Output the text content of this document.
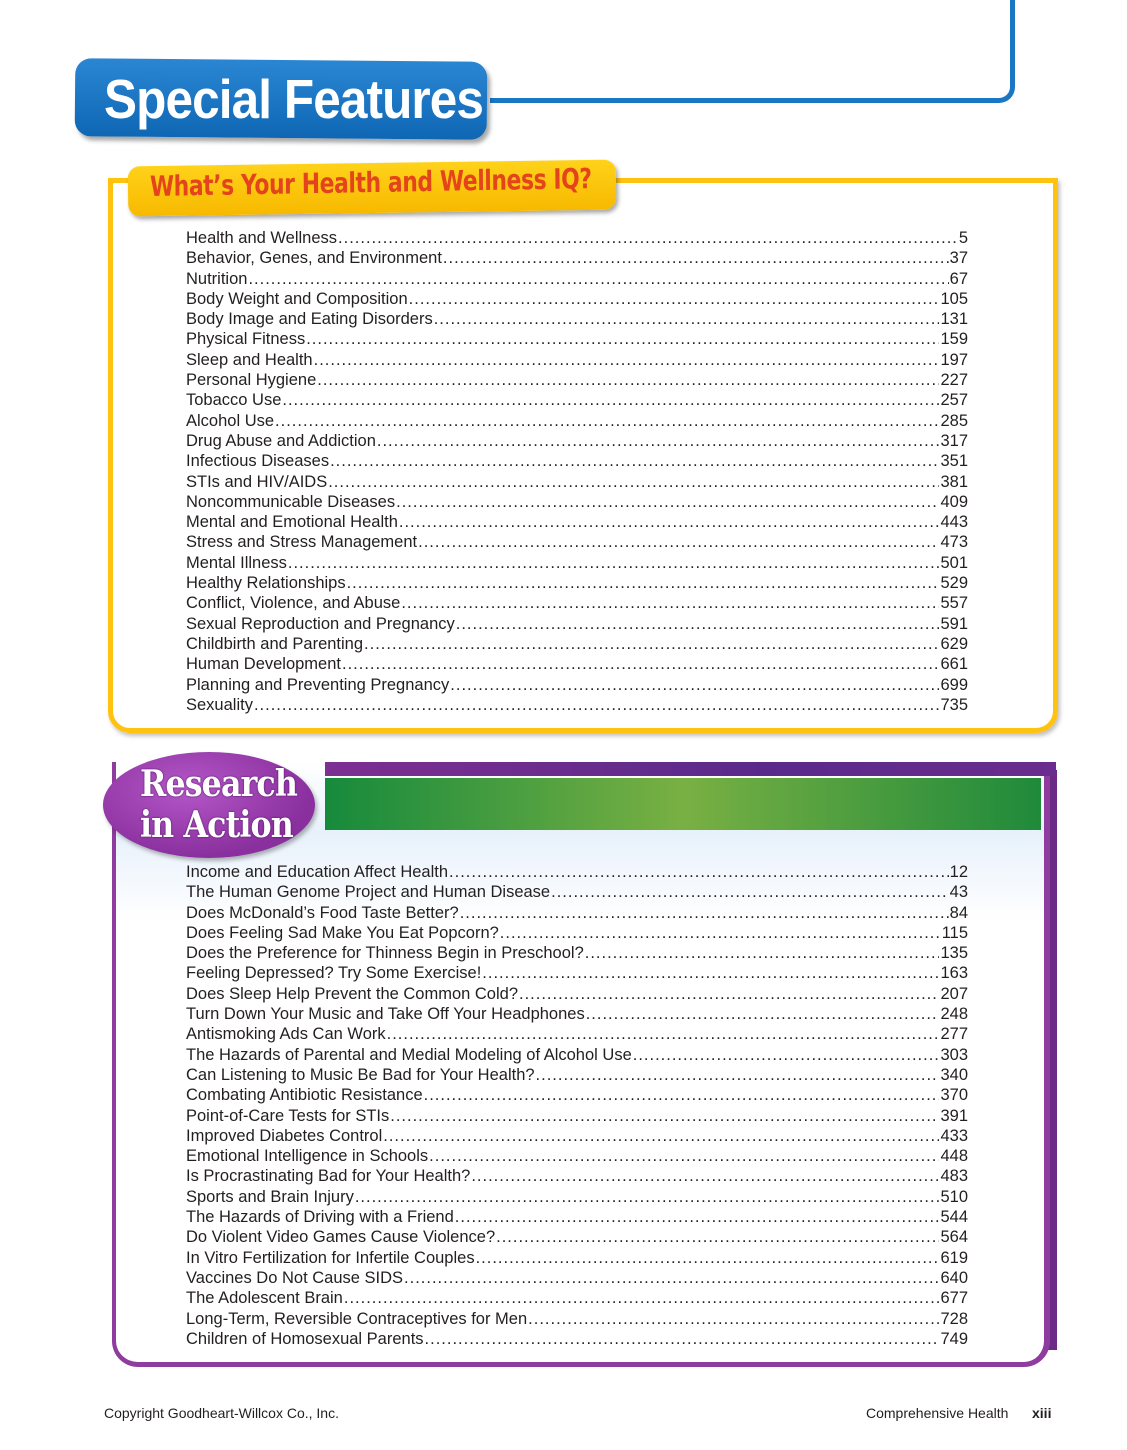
Special Features
What’s Your Health and Wellness IQ?
Health and Wellness .....	5
Behavior, Genes, and Environment .....	37
Nutrition .....	67
Body Weight and Composition .....	105
Body Image and Eating Disorders .....	131
Physical Fitness .....	159
Sleep and Health .....	197
Personal Hygiene .....	227
Tobacco Use .....	257
Alcohol Use .....	285
Drug Abuse and Addiction .....	317
Infectious Diseases .....	351
STIs and HIV/AIDS .....	381
Noncommunicable Diseases .....	409
Mental and Emotional Health .....	443
Stress and Stress Management .....	473
Mental Illness .....	501
Healthy Relationships .....	529
Conflict, Violence, and Abuse .....	557
Sexual Reproduction and Pregnancy .....	591
Childbirth and Parenting .....	629
Human Development .....	661
Planning and Preventing Pregnancy .....	699
Sexuality .....	735
Research
in Action
Income and Education Affect Health .....	12
The Human Genome Project and Human Disease .....	43
Does McDonald’s Food Taste Better? .....	84
Does Feeling Sad Make You Eat Popcorn? .....	115
Does the Preference for Thinness Begin in Preschool? .....	135
Feeling Depressed? Try Some Exercise! .....	163
Does Sleep Help Prevent the Common Cold? .....	207
Turn Down Your Music and Take Off Your Headphones .....	248
Antismoking Ads Can Work .....	277
The Hazards of Parental and Medial Modeling of Alcohol Use .....	303
Can Listening to Music Be Bad for Your Health? .....	340
Combating Antibiotic Resistance .....	370
Point-of-Care Tests for STIs .....	391
Improved Diabetes Control .....	433
Emotional Intelligence in Schools .....	448
Is Procrastinating Bad for Your Health? .....	483
Sports and Brain Injury .....	510
The Hazards of Driving with a Friend .....	544
Do Violent Video Games Cause Violence? .....	564
In Vitro Fertilization for Infertile Couples .....	619
Vaccines Do Not Cause SIDS .....	640
The Adolescent Brain .....	677
Long-Term, Reversible Contraceptives for Men .....	728
Children of Homosexual Parents .....	749
Copyright Goodheart-Willcox Co., Inc.	Comprehensive Health xiii
